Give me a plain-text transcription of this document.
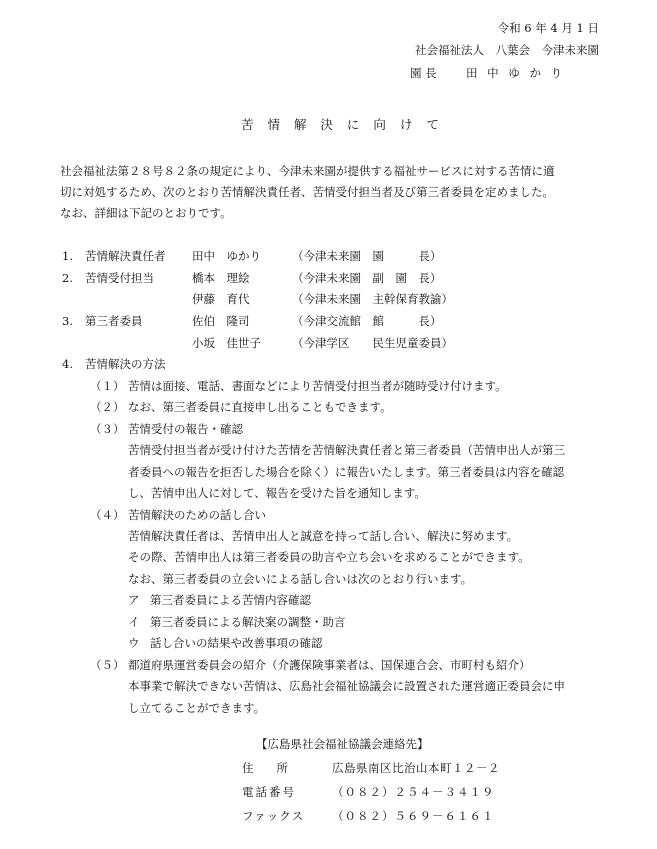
令和 6 年 4 月 1 日
社会福祉法人　八葉会　今津未来園
園 長	田 中 ゆ か り
苦 情 解 決 に 向 け て
社会福祉法第２８号８２条の規定により、今津未来園が提供する福祉サービスに対する苦情に適
切に対処するため、次のとおり苦情解決責任者、苦情受付担当者及び第三者委員を定めました。
なお、詳細は下記のとおりです。
1. 苦情解決責任者 田中　ゆかり	（今津未来園　園　　　長）
2. 苦情受付担当	橋本　理絵	（今津未来園　副　園　長）
伊藤　育代	（今津未来園　主幹保育教諭）
3. 第三者委員	佐伯　隆司	（今津交流館　館　　　長）
小坂　佳世子	（今津学区　　民生児童委員）
4. 苦情解決の方法
（１） 苦情は面接、電話、書面などにより苦情受付担当者が随時受け付けます。
（２） なお、第三者委員に直接申し出ることもできます。
（３） 苦情受付の報告・確認
苦情受付担当者が受け付けた苦情を苦情解決責任者と第三者委員（苦情申出人が第三
者委員への報告を拒否した場合を除く）に報告いたします。第三者委員は内容を確認
し、苦情申出人に対して、報告を受けた旨を通知します。
（４） 苦情解決のための話し合い
苦情解決責任者は、苦情申出人と誠意を持って話し合い、解決に努めます。
その際、苦情申出人は第三者委員の助言や立ち会いを求めることができます。
なお、第三者委員の立会いによる話し合いは次のとおり行います。
ア 第三者委員による苦情内容確認
イ 第三者委員による解決案の調整・助言
ウ 話し合いの結果や改善事項の確認
（５） 都道府県運営委員会の紹介（介護保険事業者は、国保連合会、市町村も紹介）
本事業で解決できない苦情は、広島社会福祉協議会に設置された運営適正委員会に申
し立てることができます。
【広島県社会福祉協議会連絡先】
住　　所	広島県南区比治山本町１２－２
電話番号	（０８２）２５４－３４１９
ファックス （０８２）５６９－６１６１
